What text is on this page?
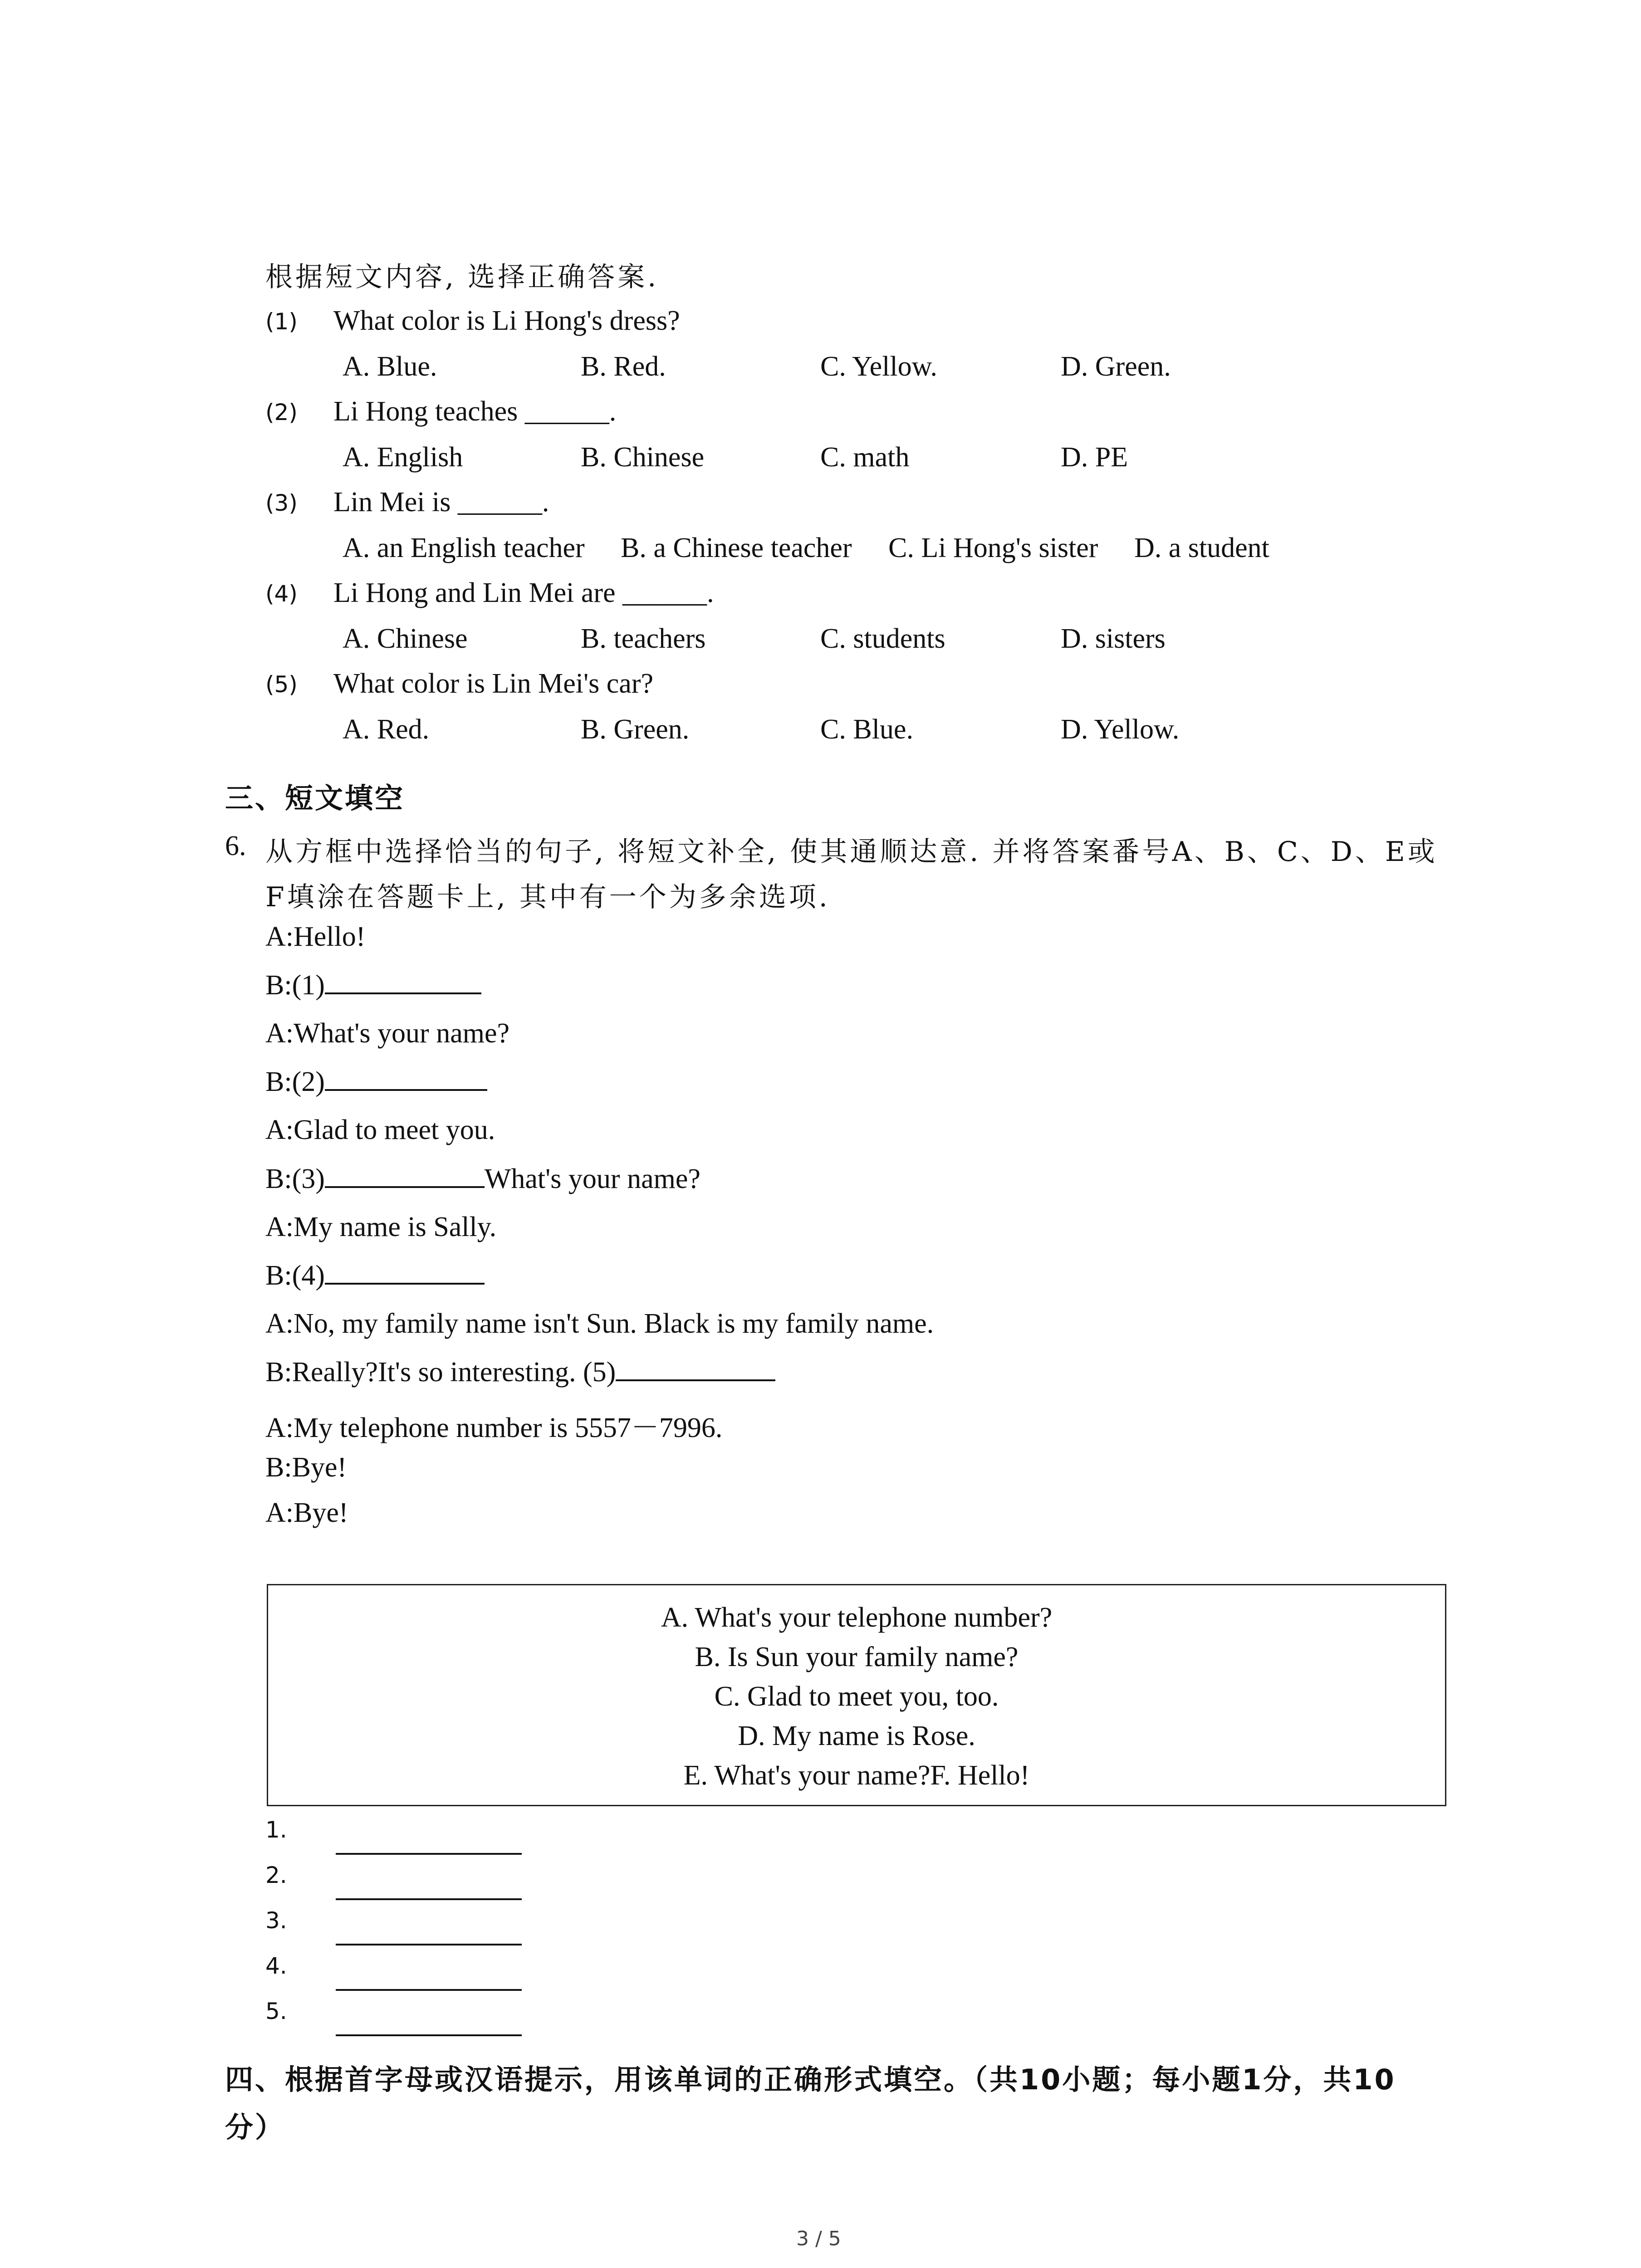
根据短文内容, 选择正确答案.
(1) What color is Li Hong's dress?
A. Blue.	B. Red.	C. Yellow.	D. Green.
(2) Li Hong teaches ______.
A. English	B. Chinese	C. math	D. PE
(3) Lin Mei is ______.
A. an English teacher B. a Chinese teacher C. Li Hong's sister D. a student
(4) Li Hong and Lin Mei are ______.
A. Chinese	B. teachers	C. students	D. sisters
(5) What color is Lin Mei's car?
A. Red.	B. Green.	C. Blue.	D. Yellow.
三、短文填空
6. 从方框中选择恰当的句子, 将短文补全, 使其通顺达意. 并将答案番号A、B、C、D、E或
F填涂在答题卡上, 其中有一个为多余选项.
A:Hello!
B:(1)
A:What's your name?
B:(2)
A:Glad to meet you.
B:(3)	What's your name?
A:My name is Sally.
B:(4)
A:No, my family name isn't Sun. Black is my family name.
B:Really?It's so interesting. (5)
A:My telephone number is 5557－7996.
B:Bye!
A:Bye!
A. What's your telephone number?
B. Is Sun your family name?
C. Glad to meet you, too.
D. My name is Rose.
E. What's your name?F. Hello!
1.
2.
3.
4.
5.
四、根据首字母或汉语提示，用该单词的正确形式填空。（共10小题；每小题1分，共10
分）
3 / 5
